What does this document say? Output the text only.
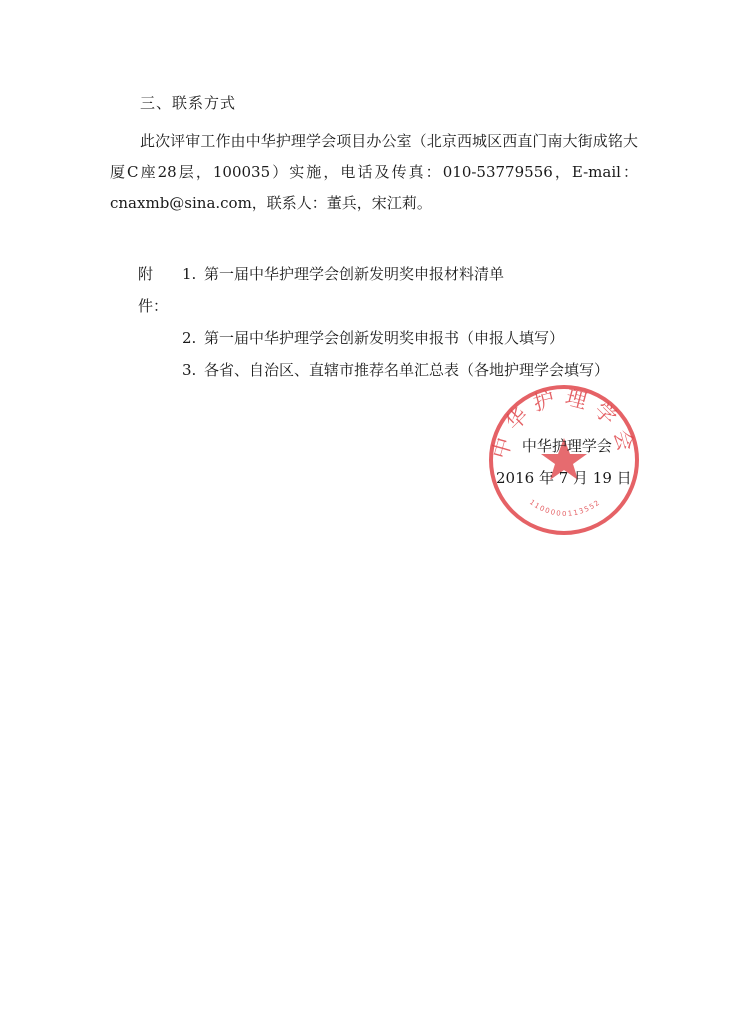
三、联系方式

此次评审工作由中华护理学会项目办公室（北京西城区西直门南大街成铭大厦C座28层，100035）实施，电话及传真：010-53779556，E-mail：cnaxmb@sina.com，联系人：董兵，宋江莉。

附件：
1. 第一届中华护理学会创新发明奖申报材料清单
2. 第一届中华护理学会创新发明奖申报书（申报人填写）
3. 各省、自治区、直辖市推荐名单汇总表（各地护理学会填写）
中华护理学会
1100000113552
中华护理学会
2016 年 7 月 19 日
